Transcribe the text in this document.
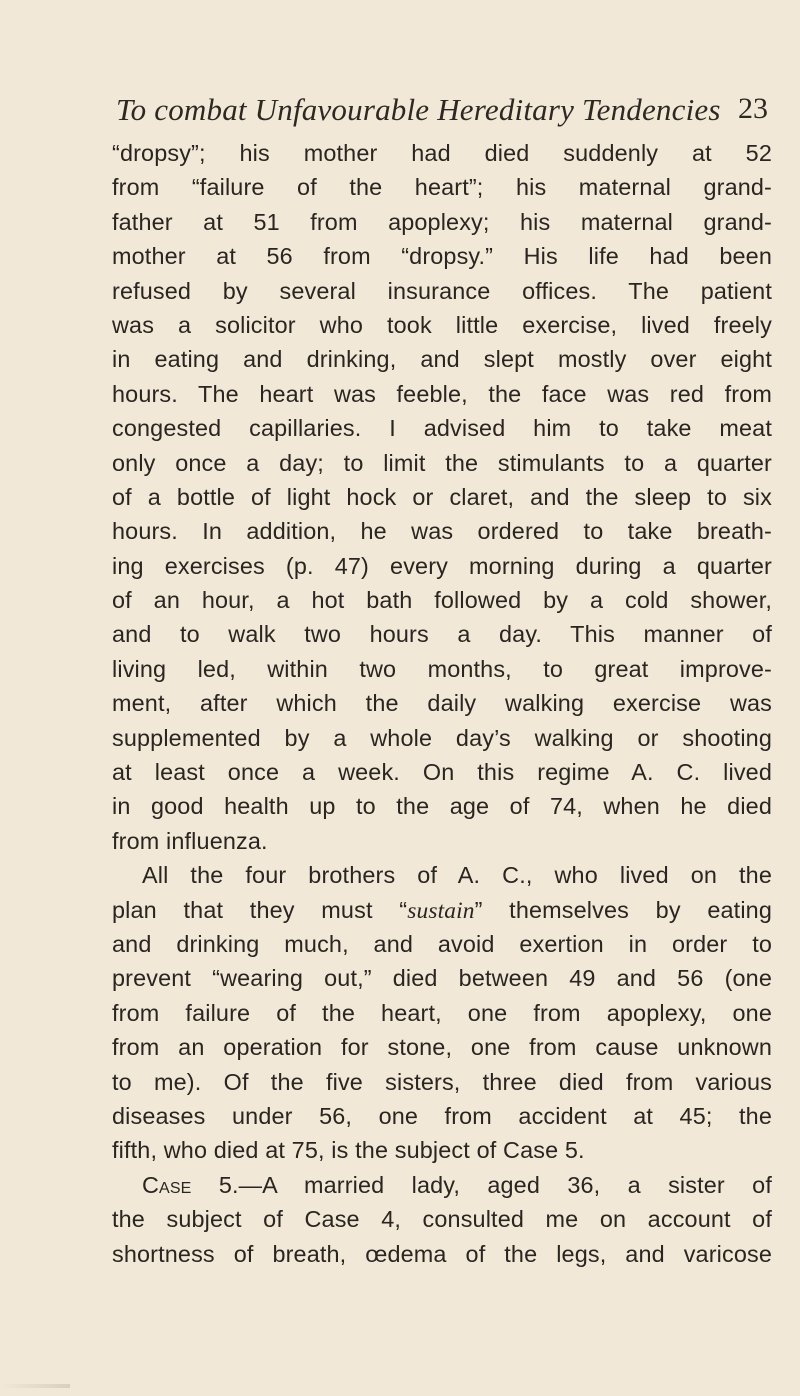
To combat Unfavourable Hereditary Tendencies 23
“dropsy”; his mother had died suddenly at 52
from “failure of the heart”; his maternal grand-
father at 51 from apoplexy; his maternal grand-
mother at 56 from “dropsy.” His life had been
refused by several insurance offices. The patient
was a solicitor who took little exercise, lived freely
in eating and drinking, and slept mostly over eight
hours. The heart was feeble, the face was red from
congested capillaries. I advised him to take meat
only once a day; to limit the stimulants to a quarter
of a bottle of light hock or claret, and the sleep to six
hours. In addition, he was ordered to take breath-
ing exercises (p. 47) every morning during a quarter
of an hour, a hot bath followed by a cold shower,
and to walk two hours a day. This manner of
living led, within two months, to great improve-
ment, after which the daily walking exercise was
supplemented by a whole day’s walking or shooting
at least once a week. On this regime A. C. lived
in good health up to the age of 74, when he died
from influenza.
All the four brothers of A. C., who lived on the
plan that they must “sustain” themselves by eating
and drinking much, and avoid exertion in order to
prevent “wearing out,” died between 49 and 56 (one
from failure of the heart, one from apoplexy, one
from an operation for stone, one from cause unknown
to me). Of the five sisters, three died from various
diseases under 56, one from accident at 45; the
fifth, who died at 75, is the subject of Case 5.
Case 5.—A married lady, aged 36, a sister of
the subject of Case 4, consulted me on account of
shortness of breath, œdema of the legs, and varicose
